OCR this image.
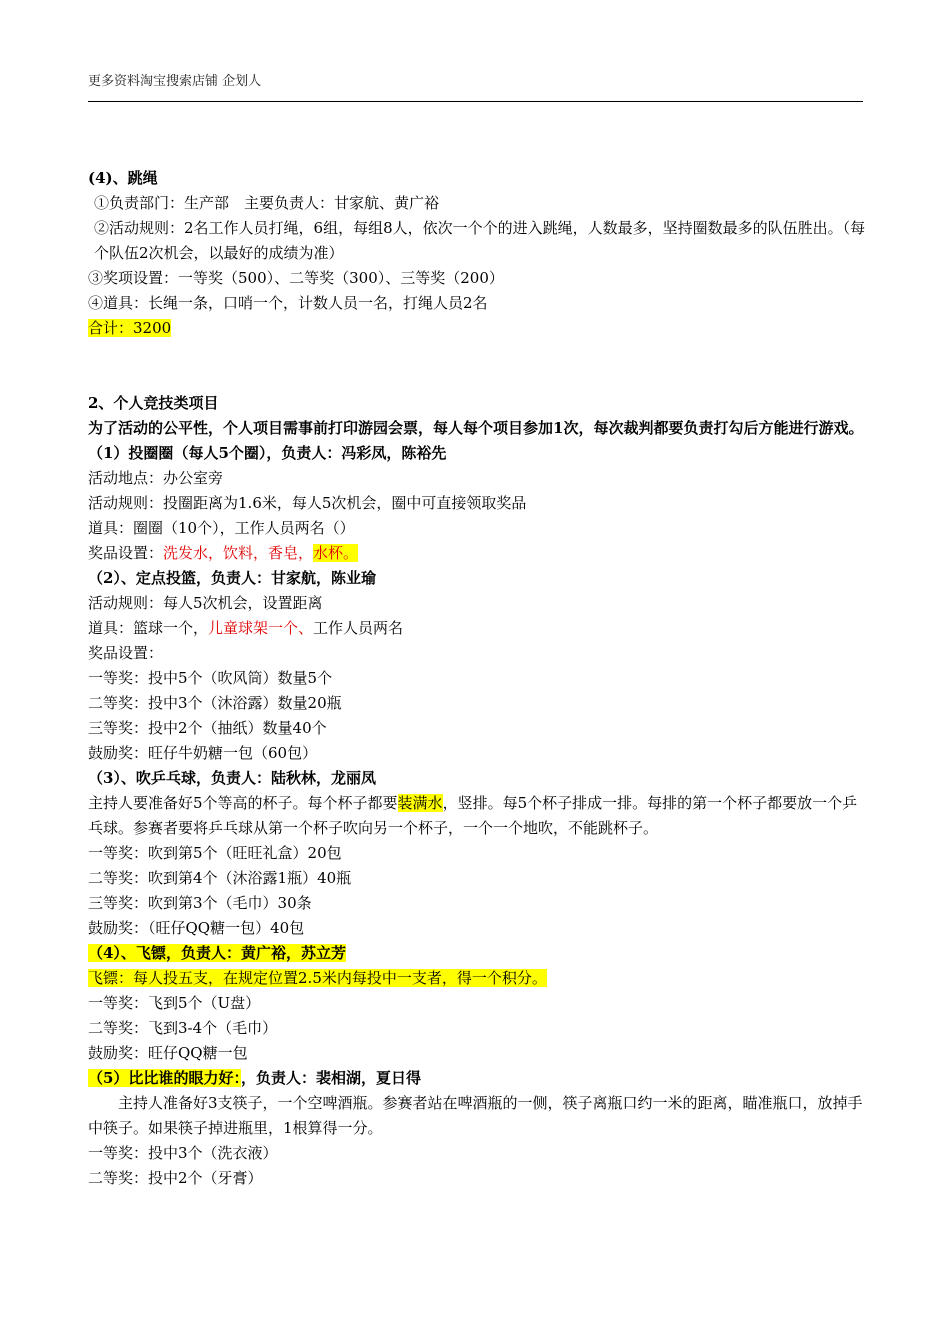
更多资料淘宝搜索店铺 企划人
(4)、跳绳
①负责部门：生产部　主要负责人：甘家航、黄广裕
②活动规则：2名工作人员打绳，6组，每组8人，依次一个个的进入跳绳，人数最多，坚持圈数最多的队伍胜出。（每个队伍2次机会，以最好的成绩为准）
③奖项设置：一等奖（500）、二等奖（300）、三等奖（200）
④道具：长绳一条，口哨一个，计数人员一名，打绳人员2名
合计：3200
2、个人竞技类项目
为了活动的公平性，个人项目需事前打印游园会票，每人每个项目参加1次，每次裁判都要负责打勾后方能进行游戏。
（1）投圈圈（每人5个圈），负责人：冯彩凤，陈裕先
活动地点：办公室旁
活动规则：投圈距离为1.6米，每人5次机会，圈中可直接领取奖品
道具：圈圈（10个），工作人员两名（）
奖品设置：洗发水，饮料，香皂，水杯。
（2）、定点投篮，负责人：甘家航，陈业瑜
活动规则：每人5次机会，设置距离
道具：篮球一个，儿童球架一个、工作人员两名
奖品设置：
一等奖：投中5个（吹风筒）数量5个
二等奖：投中3个（沐浴露）数量20瓶
三等奖：投中2个（抽纸）数量40个
鼓励奖：旺仔牛奶糖一包（60包）
（3）、吹乒乓球，负责人：陆秋林，龙丽凤
主持人要准备好5个等高的杯子。每个杯子都要装满水，竖排。每5个杯子排成一排。每排的第一个杯子都要放一个乒乓球。参赛者要将乒乓球从第一个杯子吹向另一个杯子，一个一个地吹，不能跳杯子。
一等奖：吹到第5个（旺旺礼盒）20包
二等奖：吹到第4个（沐浴露1瓶）40瓶
三等奖：吹到第3个（毛巾）30条
鼓励奖：（旺仔QQ糖一包）40包
（4）、飞镖，负责人：黄广裕，苏立芳
飞镖：每人投五支，在规定位置2.5米内每投中一支者，得一个积分。
一等奖：飞到5个（U盘）
二等奖：飞到3-4个（毛巾）
鼓励奖：旺仔QQ糖一包
（5）比比谁的眼力好：，负责人：裴相湖，夏日得
主持人准备好3支筷子，一个空啤酒瓶。参赛者站在啤酒瓶的一侧，筷子离瓶口约一米的距离，瞄准瓶口，放掉手中筷子。如果筷子掉进瓶里，1根算得一分。
一等奖：投中3个（洗衣液）
二等奖：投中2个（牙膏）
